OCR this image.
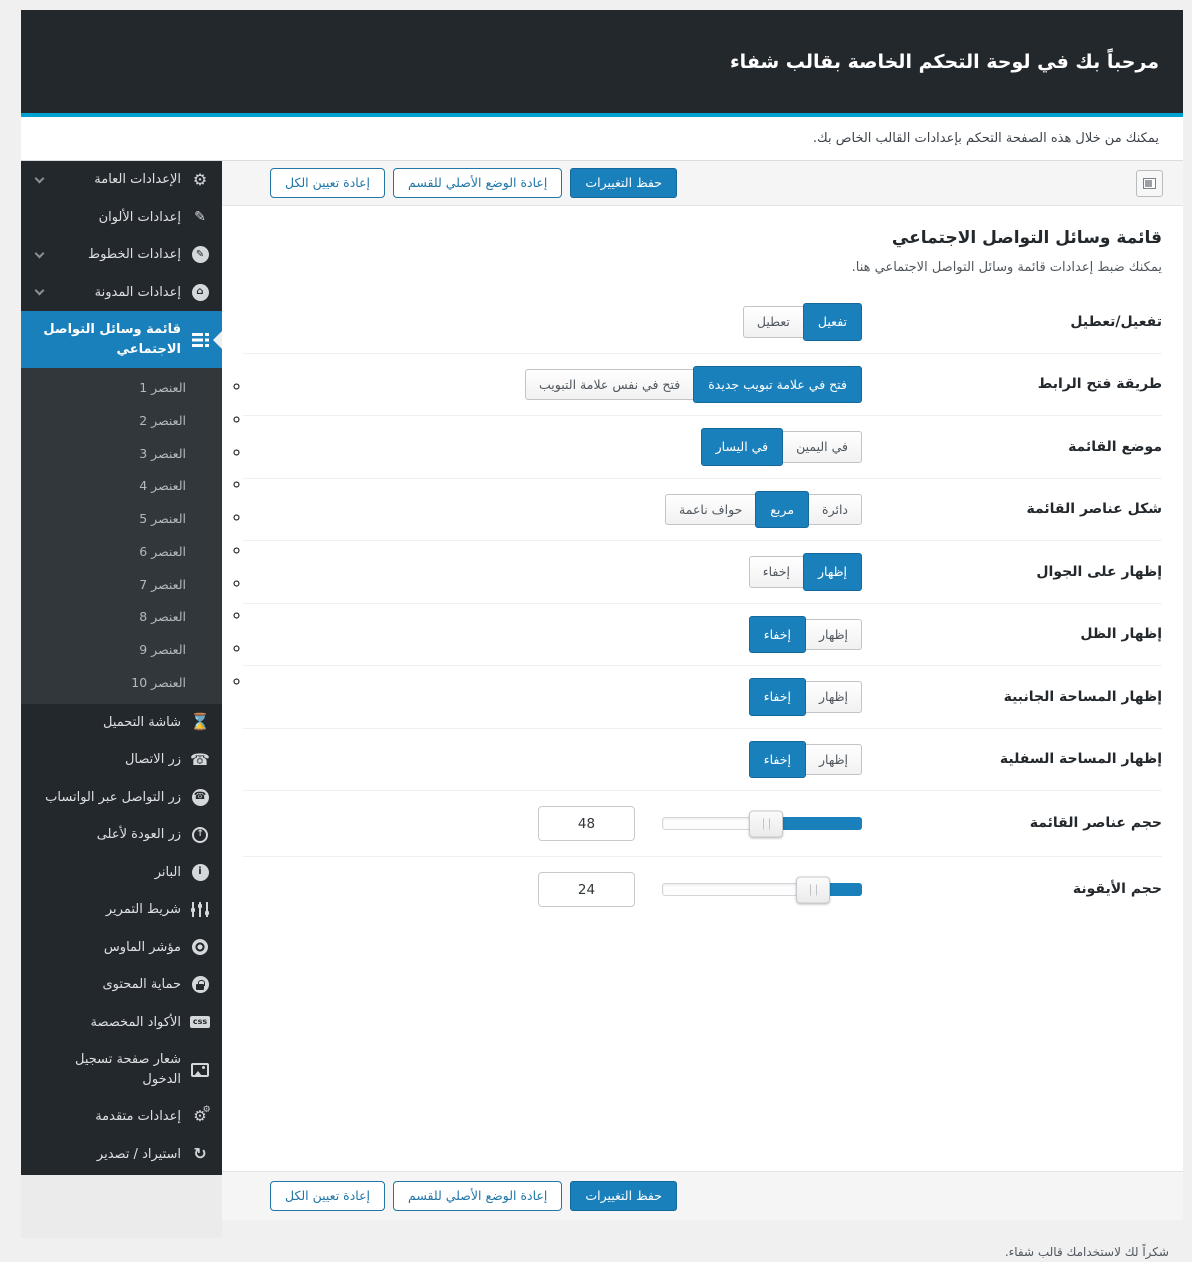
مرحباً بك في لوحة التحكم الخاصة بقالب شفاء
يمكنك من خلال هذه الصفحة التحكم بإعدادات القالب الخاص بك.
حفظ التغييرات
إعادة الوضع الأصلي للقسم
إعادة تعيين الكل
قائمة وسائل التواصل الاجتماعي

يمكنك ضبط إعدادات قائمة وسائل التواصل الاجتماعي هنا.

تفعيل/تعطيل
تفعيل
تعطيل
طريقة فتح الرابط
فتح في علامة تبويب جديدة
فتح في نفس علامة التبويب
موضع القائمة
في اليمين
في اليسار
شكل عناصر القائمة
دائرة
مربع
حواف ناعمة
إظهار على الجوال
إظهار
إخفاء
إظهار الظل
إظهار
إخفاء
إظهار المساحة الجانبية
إظهار
إخفاء
إظهار المساحة السفلية
إظهار
إخفاء
حجم عناصر القائمة
48
حجم الأيقونة
24
حفظ التغييرات
إعادة الوضع الأصلي للقسم
إعادة تعيين الكل
⚙
الإعدادات العامة
✎
إعدادات الألوان
✎
إعدادات الخطوط
⌂
إعدادات المدونة
قائمة وسائل التواصل الاجتماعي
◦ العنصر 1
◦ العنصر 2
◦ العنصر 3
◦ العنصر 4
◦ العنصر 5
◦ العنصر 6
◦ العنصر 7
◦ العنصر 8
◦ العنصر 9
◦ العنصر 10
⌛
شاشة التحميل
☎
زر الاتصال
☎
زر التواصل عبر الواتساب
↑
زر العودة لأعلى
i
البانر
شريط التمرير
مؤشر الماوس
حماية المحتوى
css
الأكواد المخصصة
شعار صفحة تسجيل الدخول
⚙ ⚙
إعدادات متقدمة
↻
استيراد / تصدير
شكراً لك لاستخدامك قالب شفاء.
